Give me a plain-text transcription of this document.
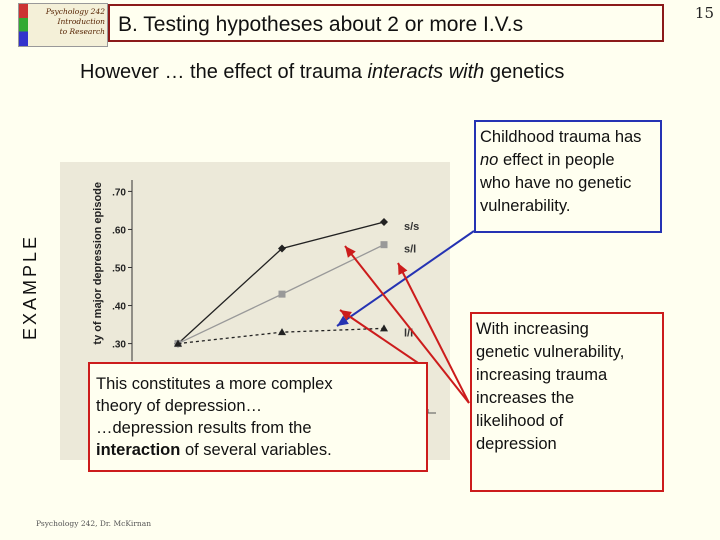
Psychology 242
Introduction
to Research B. Testing hypotheses about 2 or more I.V.s	15
However … the effect of trauma interacts with genetics
EXAMPLE
.30
.40
.50
.60
.70
ty of major depression episode	s/s
s/l
l/l
Childhood trauma has
no effect in people
who have no genetic
vulnerability.
With increasing
genetic vulnerability,
increasing trauma
increases the
likelihood of
depression
This constitutes a more complex
theory of depression…
…depression results from the
interaction of several variables.
Psychology 242, Dr. McKirnan
